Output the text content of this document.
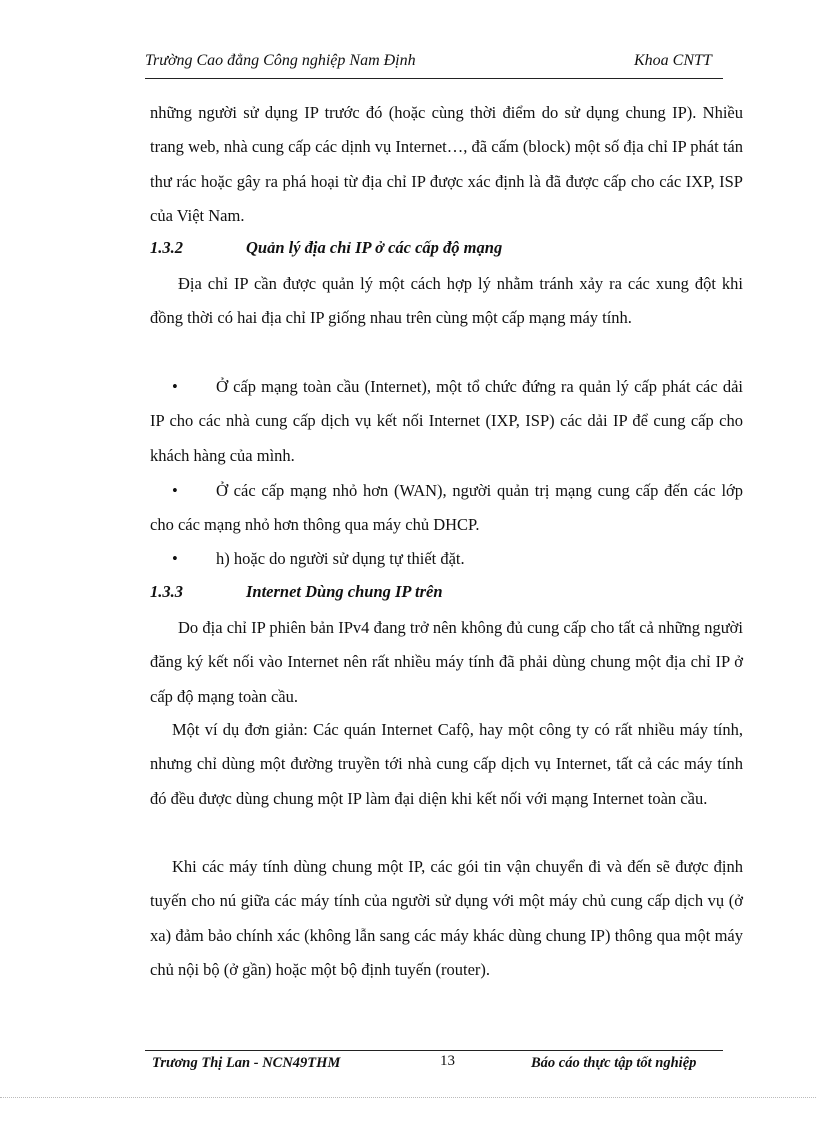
Trường Cao đẳng Công nghiệp Nam Định	Khoa CNTT

những người sử dụng IP trước đó (hoặc cùng thời điểm do sử dụng chung IP). Nhiều trang web, nhà cung cấp các dịnh vụ Internet…, đã cấm (block) một số địa chỉ IP phát tán thư rác hoặc gây ra phá hoại từ địa chỉ IP được xác định là đã được cấp cho các IXP, ISP của Việt Nam.

1.3.2	Quản lý địa chỉ IP ở các cấp độ mạng

Địa chỉ IP cần được quản lý một cách hợp lý nhằm tránh xảy ra các xung đột khi đồng thời có hai địa chỉ IP giống nhau trên cùng một cấp mạng máy tính.

• Ở cấp mạng toàn cầu (Internet), một tổ chức đứng ra quản lý cấp phát các dải IP cho các nhà cung cấp dịch vụ kết nối Internet (IXP, ISP) các dải IP để cung cấp cho khách hàng của mình.

• Ở các cấp mạng nhỏ hơn (WAN), người quản trị mạng cung cấp đến các lớp cho các mạng nhỏ hơn thông qua máy chủ DHCP.

• h) hoặc do người sử dụng tự thiết đặt.

1.3.3	Internet Dùng chung IP trên

Do địa chỉ IP phiên bản IPv4 đang trở nên không đủ cung cấp cho tất cả những người đăng ký kết nối vào Internet nên rất nhiều máy tính đã phải dùng chung một địa chỉ IP ở cấp độ mạng toàn cầu.

Một ví dụ đơn giản: Các quán Internet Cafộ, hay một công ty có rất nhiều máy tính, nhưng chỉ dùng một đường truyền tới nhà cung cấp dịch vụ Internet, tất cả các máy tính đó đều được dùng chung một IP làm đại diện khi kết nối với mạng Internet toàn cầu.

Khi các máy tính dùng chung một IP, các gói tin vận chuyển đi và đến sẽ được định tuyến cho nú giữa các máy tính của người sử dụng với một máy chủ cung cấp dịch vụ (ở xa) đảm bảo chính xác (không lẫn sang các máy khác dùng chung IP) thông qua một máy chủ nội bộ (ở gần) hoặc một bộ định tuyến (router).

Trương Thị Lan - NCN49THM	13	Báo cáo thực tập tốt nghiệp
